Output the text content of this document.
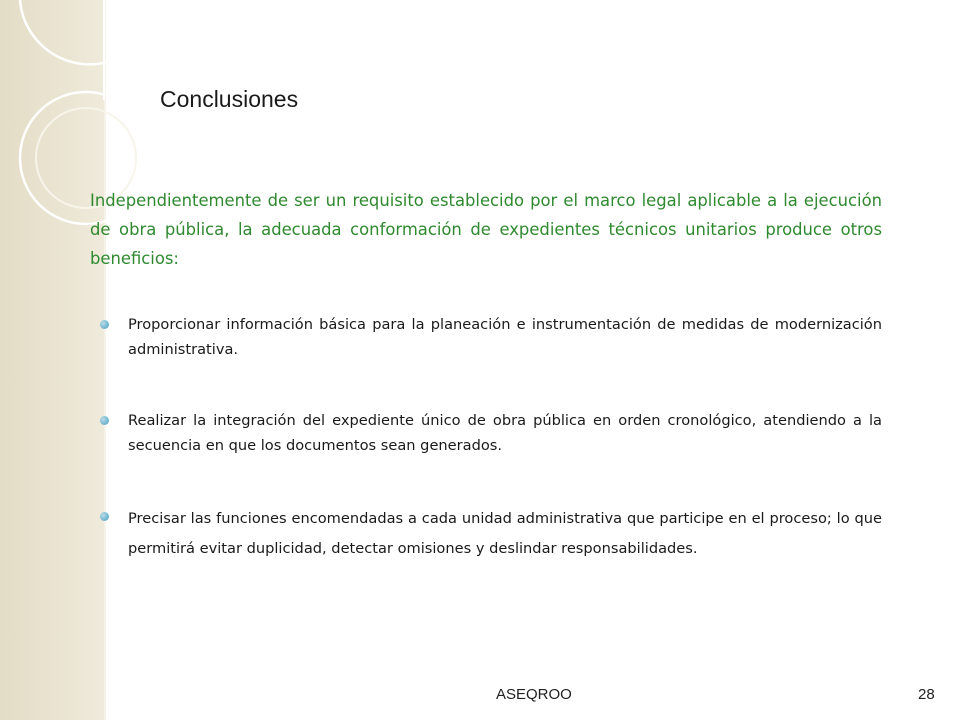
Conclusiones

Independientemente de ser un requisito establecido por el marco legal aplicable a la ejecución de obra pública, la adecuada conformación de expedientes técnicos unitarios produce otros beneficios:

Proporcionar información básica para la planeación e instrumentación de medidas de modernización administrativa.
Realizar la integración del expediente único de obra pública en orden cronológico, atendiendo a la secuencia en que los documentos sean generados.
Precisar las funciones encomendadas a cada unidad administrativa que participe en el proceso; lo que permitirá evitar duplicidad, detectar omisiones y deslindar responsabilidades.
ASEQROO	28
